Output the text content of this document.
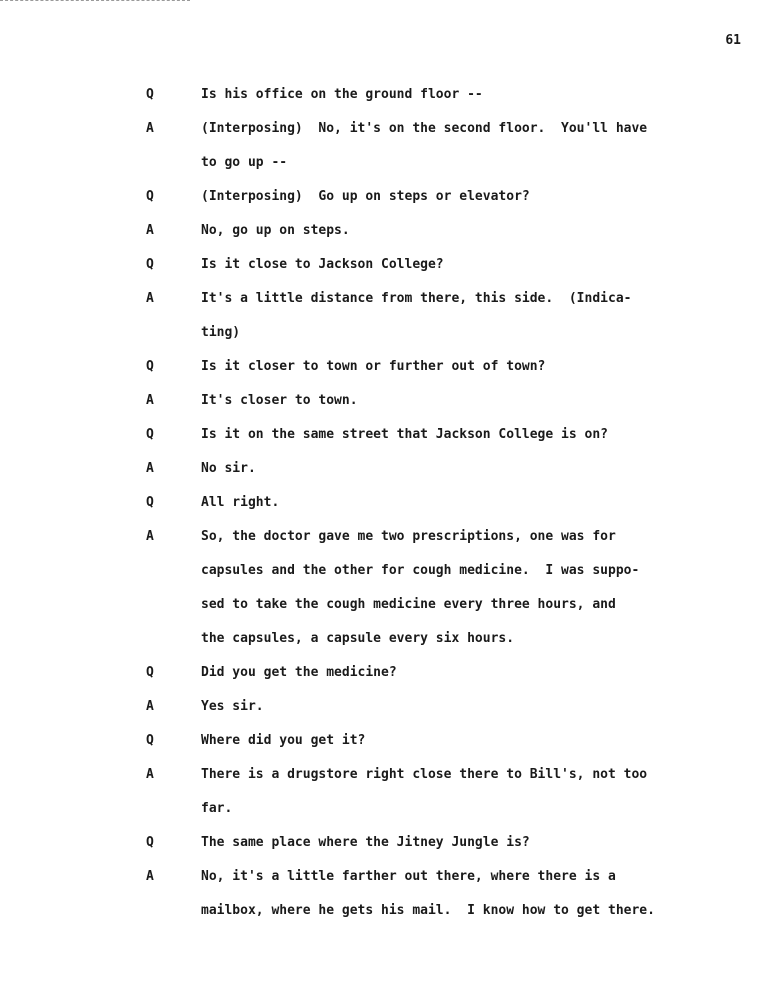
61
Q	Is his office on the ground floor --
A	(Interposing)  No, it's on the second floor.  You'll have
to go up --
Q	(Interposing)  Go up on steps or elevator?
A	No, go up on steps.
Q	Is it close to Jackson College?
A	It's a little distance from there, this side.  (Indica-
ting)
Q	Is it closer to town or further out of town?
A	It's closer to town.
Q	Is it on the same street that Jackson College is on?
A	No sir.
Q	All right.
A	So, the doctor gave me two prescriptions, one was for
capsules and the other for cough medicine.  I was suppo-
sed to take the cough medicine every three hours, and
the capsules, a capsule every six hours.
Q	Did you get the medicine?
A	Yes sir.
Q	Where did you get it?
A	There is a drugstore right close there to Bill's, not too
far.
Q	The same place where the Jitney Jungle is?
A	No, it's a little farther out there, where there is a
mailbox, where he gets his mail.  I know how to get there.
